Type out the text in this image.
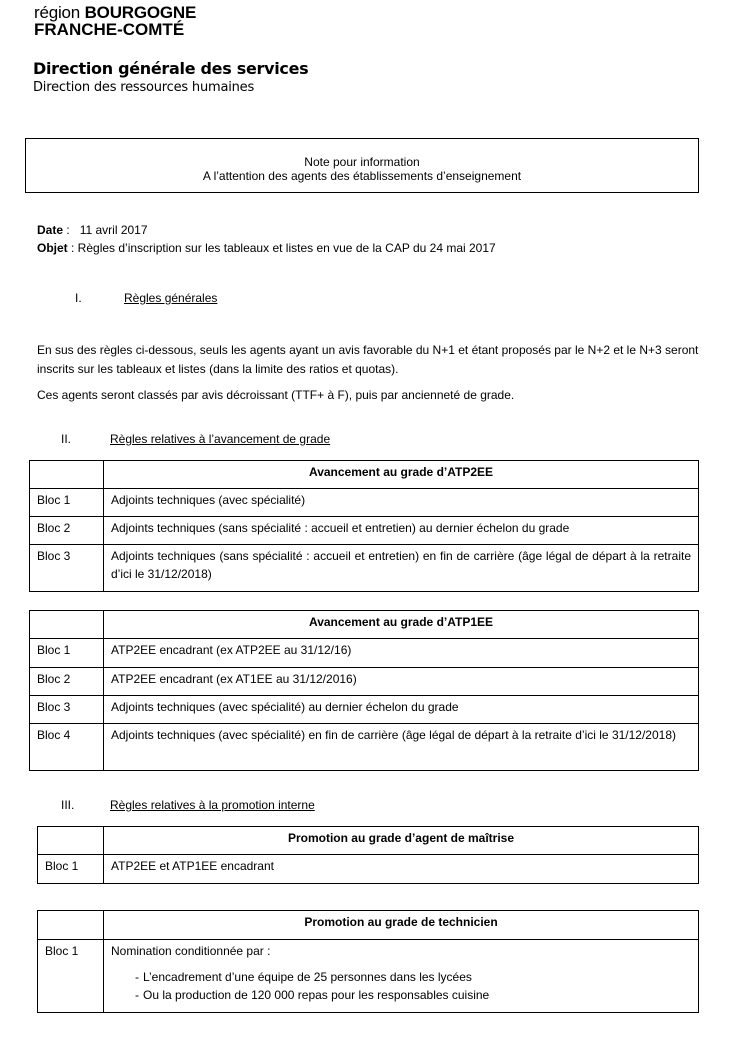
région BOURGOGNE
FRANCHE-COMTÉ
Direction générale des services
Direction des ressources humaines
Note pour information
A l’attention des agents des établissements d’enseignement
Date : 11 avril 2017
Objet : Règles d’inscription sur les tableaux et listes en vue de la CAP du 24 mai 2017
I.	Règles générales
En sus des règles ci-dessous, seuls les agents ayant un avis favorable du N+1 et étant proposés par le N+2 et le N+3 seront inscrits sur les tableaux et listes (dans la limite des ratios et quotas).
Ces agents seront classés par avis décroissant (TTF+ à F), puis par ancienneté de grade.
II.	Règles relatives à l’avancement de grade
	Avancement au grade d’ATP2EE
Bloc 1	Adjoints techniques (avec spécialité)
Bloc 2	Adjoints techniques (sans spécialité : accueil et entretien) au dernier échelon du grade
Bloc 3	Adjoints techniques (sans spécialité : accueil et entretien) en fin de carrière (âge légal de départ à la retraite d’ici le 31/12/2018)
	Avancement au grade d’ATP1EE
Bloc 1	ATP2EE encadrant (ex ATP2EE au 31/12/16)
Bloc 2	ATP2EE encadrant (ex AT1EE au 31/12/2016)
Bloc 3	Adjoints techniques (avec spécialité) au dernier échelon du grade
Bloc 4	Adjoints techniques (avec spécialité) en fin de carrière (âge légal de départ à la retraite d’ici le 31/12/2018)
III.	Règles relatives à la promotion interne
	Promotion au grade d’agent de maîtrise
Bloc 1	ATP2EE et ATP1EE encadrant
	Promotion au grade de technicien
Bloc 1	Nomination conditionnée par :
- L’encadrement d’une équipe de 25 personnes dans les lycées
- Ou la production de 120 000 repas pour les responsables cuisine
